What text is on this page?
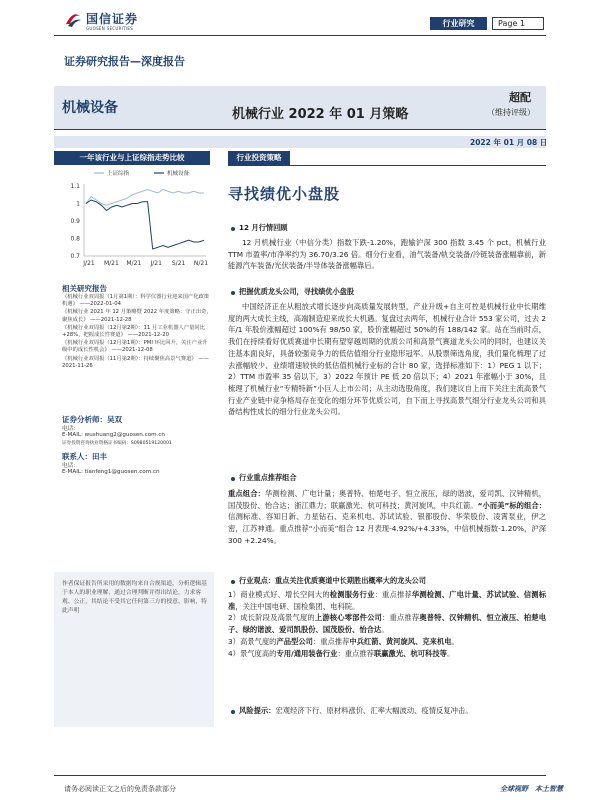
国信证券
GUOSEN SECURITIES
行业研究	Page 1
证券研究报告—深度报告
机械设备	机械行业 2022 年 01 月策略
超配
（维持评级）
2022 年 01 月 08 日
一年该行业与上证综指走势比较
上证综指	机械设备
0.7
0.8
0.9
1
1.1
J/21 M/21 M/21 J/21 S/21 N/21
相关研究报告
《机械行业双周报（1月第1期）：科学仪器行业迎来国产化政策机遇》 ——2022-01-04
《机械行业 2021 年 12 月策略暨 2022 年度策略：守正出奇，聚焦成长》 ——2021-12-28
《机械行业双周报（12月第2期）：11 月工业机器人产量同比+28%，把握成长性赛道》 ——2021-12-20
《机械行业双周报（12月第1期）：PMI 环比回升，关注产业升级中的成长性机会》 ——2021-12-08
《机械行业双周报（11月第2期）：持续聚焦高景气赛道》 ——2021-11-26
证券分析师：吴双
电话：
E-MAIL: wushuang2@guosen.com.cn
证券投资咨询执业资格证书编码：S0980519120001
联系人：田丰
电话：
E-MAIL: tianfeng1@guosen.com.cn
作者保证报告所采用的数据均来自合规渠道，分析逻辑基于本人的职业理解，通过合理判断并得出结论，力求客观、公正，其结论不受其它任何第三方的授意、影响，特此声明
行业投资策略
寻找绩优小盘股
12 月行情回顾
12 月机械行业（中信分类）指数下跌-1.20%，跑输沪深 300 指数 3.45 个 pct。机械行业 TTM 市盈率/市净率约为 36.70/3.26 倍。细分行业看，油气装备/轨交装备/冷链装备涨幅靠前，新能源汽车装备/光伏装备/半导体装备涨幅靠后。
把握优质龙头公司，寻找绩优小盘股
中国经济正在从粗放式增长逐步向高质量发展转型，产业升级+自主可控是机械行业中长期维度的两大成长主线，高端制造迎来成长大机遇。复盘过去两年，机械行业合计 553 家公司，过去 2 年/1 年股价涨幅超过 100%有 98/50 家，股价涨幅超过 50%的有 188/142 家。站在当前时点，我们在持续看好优质赛道中长期有望穿越周期的优质公司和高景气赛道龙头公司的同时，也建议关注基本面良好，具备较强竞争力的低估值细分行业隐形冠军。从股票筛选角度，我们量化梳理了过去涨幅较少、业绩增速较快的低估值机械行业标的合计 80 家，选择标准如下：1）PEG 1 以下；2）TTM 市盈率 35 倍以下，3）2022 年预计 PE 低 20 倍以下；4）2021 年涨幅小于 30%，且梳理了机械行业“专精特新”小巨人上市公司；从主动选股角度，我们建议自上而下关注主流高景气行业产业链中竞争格局存在变化的细分环节优质公司，自下而上寻找高景气细分行业龙头公司和具备结构性成长的细分行业龙头公司。
行业重点推荐组合
重点组合：华测检测、广电计量；奥普特、柏楚电子、恒立液压，绿的谐波，爱司凯、汉钟精机，国茂股份、怡合达；浙江鼎力；联赢激光、杭可科技；黄河旋风，中兵红箭。“小而美”标的组合：信测标准、容知日新、力星钻石、克来机电、苏试试验、银都股份、华荣股份、凌霄泵业，伊之密，江苏神通。重点推荐“小而美”组合 12 月表现-4.92%/+4.33%，中信机械指数-1.20%，沪深 300 +2.24%。
行业观点：重点关注优质赛道中长期胜出概率大的龙头公司
1）商业模式好、增长空间大的检测服务行业：重点推荐华测检测、广电计量、苏试试验、信测标准，关注中国电研、国检集团、电科院。
2）成长阶段及高景气度的上游核心零部件公司：重点推荐奥普特、汉钟精机、恒立液压、柏楚电子、绿的谐波、爱司凯股份、国茂股份、怡合达。
3）高景气度的产品型公司：重点推荐中兵红箭、黄河旋风、克来机电。
4）景气度高的专用/通用装备行业：重点推荐联赢激光、杭可科技等。
风险提示：宏观经济下行、原材料涨价、汇率大幅波动、疫情反复冲击。
请务必阅读正文之后的免责条款部分	全球视野　本土智慧
